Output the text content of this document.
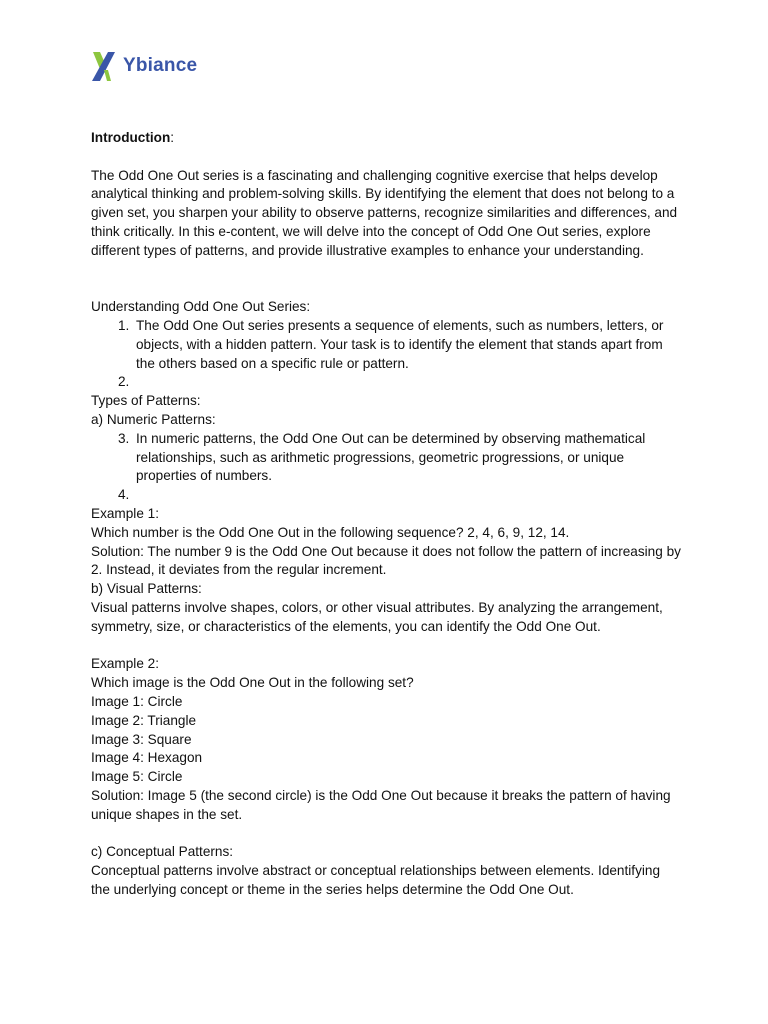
Ybiance

Introduction:

The Odd One Out series is a fascinating and challenging cognitive exercise that helps develop analytical thinking and problem-solving skills. By identifying the element that does not belong to a given set, you sharpen your ability to observe patterns, recognize similarities and differences, and think critically. In this e-content, we will delve into the concept of Odd One Out series, explore different types of patterns, and provide illustrative examples to enhance your understanding.

Understanding Odd One Out Series:

1. The Odd One Out series presents a sequence of elements, such as numbers, letters, or objects, with a hidden pattern. Your task is to identify the element that stands apart from the others based on a specific rule or pattern.
2.

Types of Patterns:

a) Numeric Patterns:

3. In numeric patterns, the Odd One Out can be determined by observing mathematical relationships, such as arithmetic progressions, geometric progressions, or unique properties of numbers.
4.

Example 1:

Which number is the Odd One Out in the following sequence? 2, 4, 6, 9, 12, 14.

Solution: The number 9 is the Odd One Out because it does not follow the pattern of increasing by 2. Instead, it deviates from the regular increment.

b) Visual Patterns:

Visual patterns involve shapes, colors, or other visual attributes. By analyzing the arrangement, symmetry, size, or characteristics of the elements, you can identify the Odd One Out.

Example 2:

Which image is the Odd One Out in the following set?

Image 1: Circle

Image 2: Triangle

Image 3: Square

Image 4: Hexagon

Image 5: Circle

Solution: Image 5 (the second circle) is the Odd One Out because it breaks the pattern of having unique shapes in the set.

c) Conceptual Patterns:

Conceptual patterns involve abstract or conceptual relationships between elements. Identifying the underlying concept or theme in the series helps determine the Odd One Out.
